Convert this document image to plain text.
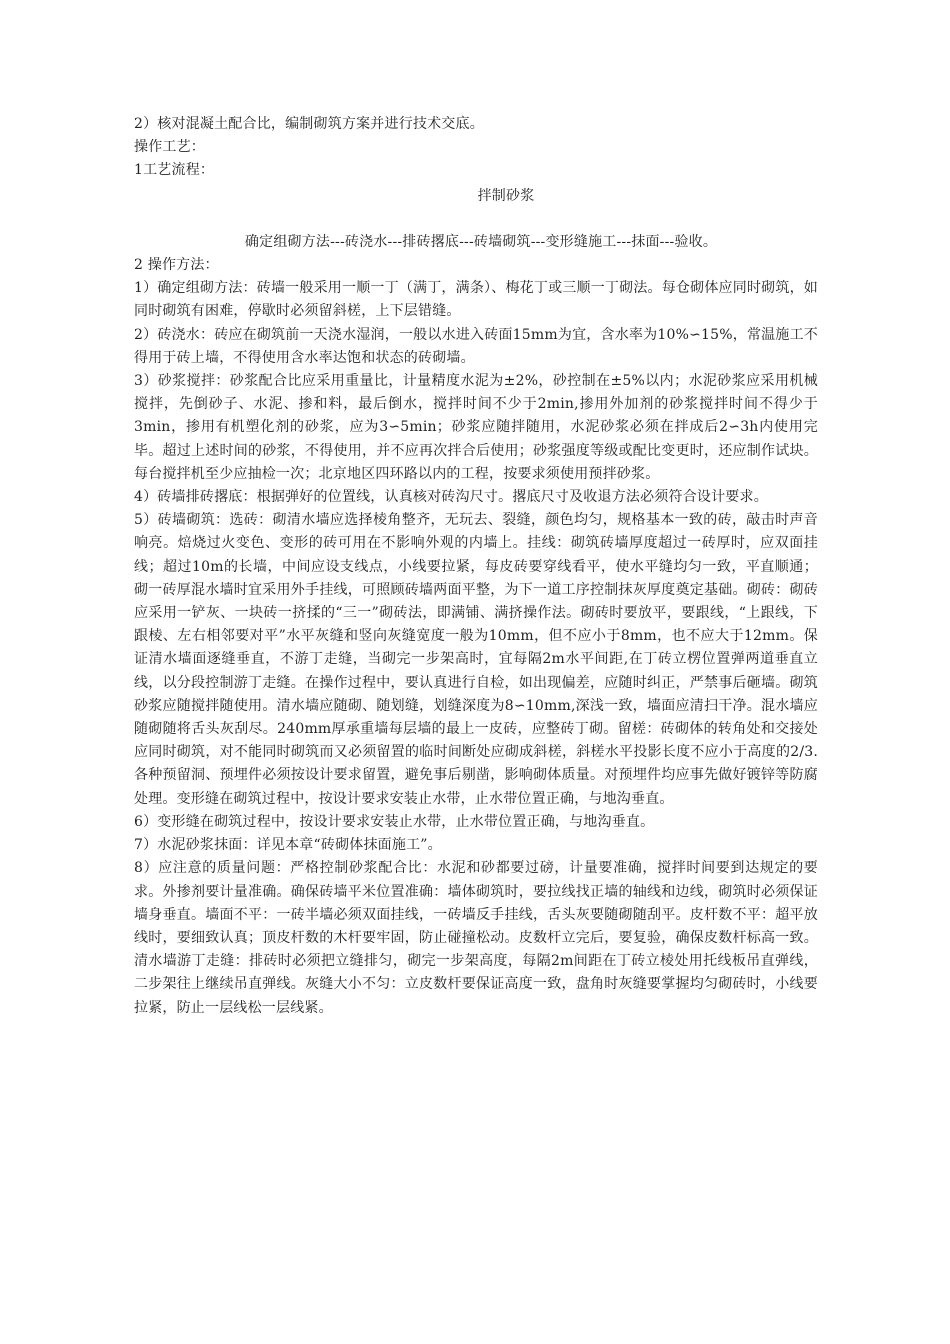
2）核对混凝土配合比，编制砌筑方案并进行技术交底。

操作工艺：

1工艺流程：

拌制砂浆

确定组砌方法---砖浇水---排砖撂底---砖墙砌筑---变形缝施工---抹面---验收。

2 操作方法：

1）确定组砌方法：砖墙一般采用一顺一丁（满丁，满条）、梅花丁或三顺一丁砌法。每仓砌体应同时砌筑，如同时砌筑有困难，停歇时必须留斜槎，上下层错缝。

2）砖浇水：砖应在砌筑前一天浇水湿润，一般以水进入砖面15mm为宜，含水率为10%∽15%，常温施工不得用于砖上墙，不得使用含水率达饱和状态的砖砌墙。

3）砂浆搅拌：砂浆配合比应采用重量比，计量精度水泥为±2%，砂控制在±5%以内；水泥砂浆应采用机械搅拌，先倒砂子、水泥、掺和料，最后倒水，搅拌时间不少于2min,掺用外加剂的砂浆搅拌时间不得少于3min，掺用有机塑化剂的砂浆，应为3∽5min；砂浆应随拌随用，水泥砂浆必须在拌成后2∽3h内使用完毕。超过上述时间的砂浆，不得使用，并不应再次拌合后使用；砂浆强度等级或配比变更时，还应制作试块。每台搅拌机至少应抽检一次；北京地区四环路以内的工程，按要求须使用预拌砂浆。

4）砖墙排砖撂底：根据弹好的位置线，认真核对砖沟尺寸。撂底尺寸及收退方法必须符合设计要求。

5）砖墙砌筑：选砖：砌清水墙应选择棱角整齐，无玩去、裂缝，颜色均匀，规格基本一致的砖，敲击时声音响亮。焙烧过火变色、变形的砖可用在不影响外观的内墙上。挂线：砌筑砖墙厚度超过一砖厚时，应双面挂线；超过10m的长墙，中间应设支线点，小线要拉紧，每皮砖要穿线看平，使水平缝均匀一致，平直顺通；砌一砖厚混水墙时宜采用外手挂线，可照顾砖墙两面平整，为下一道工序控制抹灰厚度奠定基础。砌砖：砌砖应采用一铲灰、一块砖一挤揉的“三一”砌砖法，即满铺、满挤操作法。砌砖时要放平，要跟线，“上跟线，下跟棱、左右相邻要对平”水平灰缝和竖向灰缝宽度一般为10mm，但不应小于8mm，也不应大于12mm。保证清水墙面逐缝垂直，不游丁走缝，当砌完一步架高时，宜每隔2m水平间距,在丁砖立楞位置弹两道垂直立线，以分段控制游丁走缝。在操作过程中，要认真进行自检，如出现偏差，应随时纠正，严禁事后砸墙。砌筑砂浆应随搅拌随使用。清水墙应随砌、随划缝，划缝深度为8∽10mm,深浅一致，墙面应清扫干净。混水墙应随砌随将舌头灰刮尽。240mm厚承重墙每层墙的最上一皮砖，应整砖丁砌。留槎：砖砌体的转角处和交接处应同时砌筑，对不能同时砌筑而又必须留置的临时间断处应砌成斜槎，斜槎水平投影长度不应小于高度的2/3.各种预留洞、预埋件必须按设计要求留置，避免事后剔凿，影响砌体质量。对预埋件均应事先做好镀锌等防腐处理。变形缝在砌筑过程中，按设计要求安装止水带，止水带位置正确，与地沟垂直。

6）变形缝在砌筑过程中，按设计要求安装止水带，止水带位置正确，与地沟垂直。

7）水泥砂浆抹面：详见本章“砖砌体抹面施工”。

8）应注意的质量问题：严格控制砂浆配合比：水泥和砂都要过磅，计量要准确，搅拌时间要到达规定的要求。外掺剂要计量准确。确保砖墙平米位置准确：墙体砌筑时，要拉线找正墙的轴线和边线，砌筑时必须保证墙身垂直。墙面不平：一砖半墙必须双面挂线，一砖墙反手挂线，舌头灰要随砌随刮平。皮杆数不平：超平放线时，要细致认真；顶皮杆数的木杆要牢固，防止碰撞松动。皮数杆立完后，要复验，确保皮数杆标高一致。清水墙游丁走缝：排砖时必须把立缝排匀，砌完一步架高度，每隔2m间距在丁砖立棱处用托线板吊直弹线，二步架往上继续吊直弹线。灰缝大小不匀：立皮数杆要保证高度一致，盘角时灰缝要掌握均匀砌砖时，小线要拉紧，防止一层线松一层线紧。
